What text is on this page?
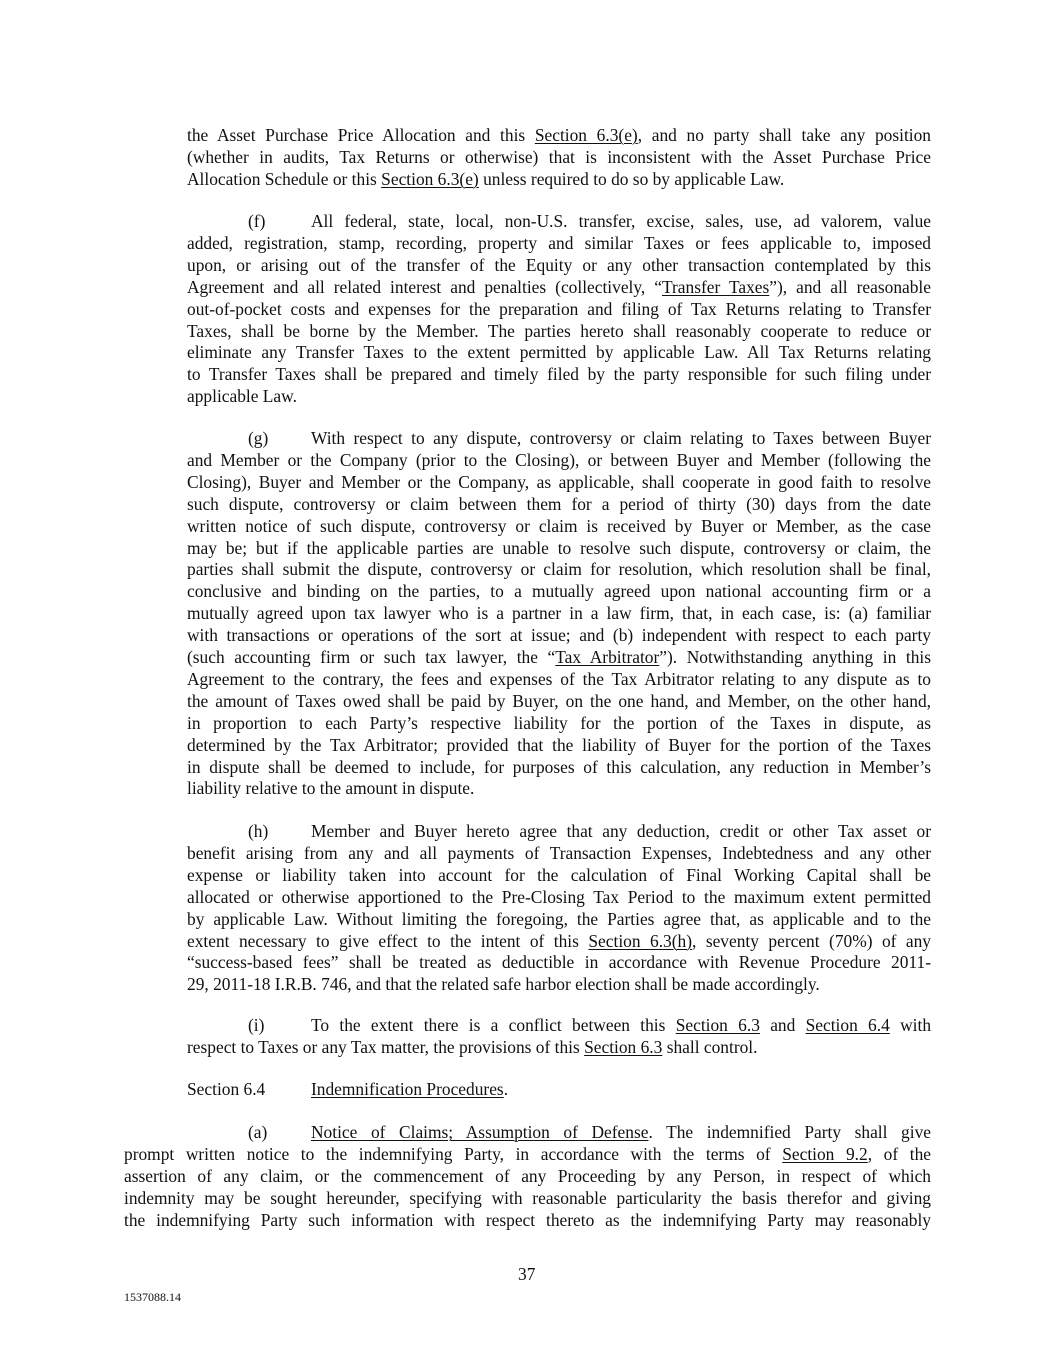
the Asset Purchase Price Allocation and this Section 6.3(e), and no party shall take any position
(whether in audits, Tax Returns or otherwise) that is inconsistent with the Asset Purchase Price
Allocation Schedule or this Section 6.3(e) unless required to do so by applicable Law.
(f)	All federal, state, local, non-U.S. transfer, excise, sales, use, ad valorem, value
added, registration, stamp, recording, property and similar Taxes or fees applicable to, imposed
upon, or arising out of the transfer of the Equity or any other transaction contemplated by this
Agreement and all related interest and penalties (collectively, “Transfer Taxes”), and all reasonable
out-of-pocket costs and expenses for the preparation and filing of Tax Returns relating to Transfer
Taxes, shall be borne by the Member. The parties hereto shall reasonably cooperate to reduce or
eliminate any Transfer Taxes to the extent permitted by applicable Law. All Tax Returns relating
to Transfer Taxes shall be prepared and timely filed by the party responsible for such filing under
applicable Law.
(g) With respect to any dispute, controversy or claim relating to Taxes between Buyer
and Member or the Company (prior to the Closing), or between Buyer and Member (following the
Closing), Buyer and Member or the Company, as applicable, shall cooperate in good faith to resolve
such dispute, controversy or claim between them for a period of thirty (30) days from the date
written notice of such dispute, controversy or claim is received by Buyer or Member, as the case
may be; but if the applicable parties are unable to resolve such dispute, controversy or claim, the
parties shall submit the dispute, controversy or claim for resolution, which resolution shall be final,
conclusive and binding on the parties, to a mutually agreed upon national accounting firm or a
mutually agreed upon tax lawyer who is a partner in a law firm, that, in each case, is: (a) familiar
with transactions or operations of the sort at issue; and (b) independent with respect to each party
(such accounting firm or such tax lawyer, the “Tax Arbitrator”). Notwithstanding anything in this
Agreement to the contrary, the fees and expenses of the Tax Arbitrator relating to any dispute as to
the amount of Taxes owed shall be paid by Buyer, on the one hand, and Member, on the other hand,
in proportion to each Party’s respective liability for the portion of the Taxes in dispute, as
determined by the Tax Arbitrator; provided that the liability of Buyer for the portion of the Taxes
in dispute shall be deemed to include, for purposes of this calculation, any reduction in Member’s
liability relative to the amount in dispute.
(h) Member and Buyer hereto agree that any deduction, credit or other Tax asset or
benefit arising from any and all payments of Transaction Expenses, Indebtedness and any other
expense or liability taken into account for the calculation of Final Working Capital shall be
allocated or otherwise apportioned to the Pre-Closing Tax Period to the maximum extent permitted
by applicable Law. Without limiting the foregoing, the Parties agree that, as applicable and to the
extent necessary to give effect to the intent of this Section 6.3(h), seventy percent (70%) of any
“success-based fees” shall be treated as deductible in accordance with Revenue Procedure 2011-
29, 2011-18 I.R.B. 746, and that the related safe harbor election shall be made accordingly.
(i)	To the extent there is a conflict between this Section 6.3 and Section 6.4 with
respect to Taxes or any Tax matter, the provisions of this Section 6.3 shall control.
Section 6.4	Indemnification Procedures.
(a)	Notice of Claims; Assumption of Defense. The indemnified Party shall give
prompt written notice to the indemnifying Party, in accordance with the terms of Section 9.2, of the
assertion of any claim, or the commencement of any Proceeding by any Person, in respect of which
indemnity may be sought hereunder, specifying with reasonable particularity the basis therefor and giving
the indemnifying Party such information with respect thereto as the indemnifying Party may reasonably
37
1537088.14
